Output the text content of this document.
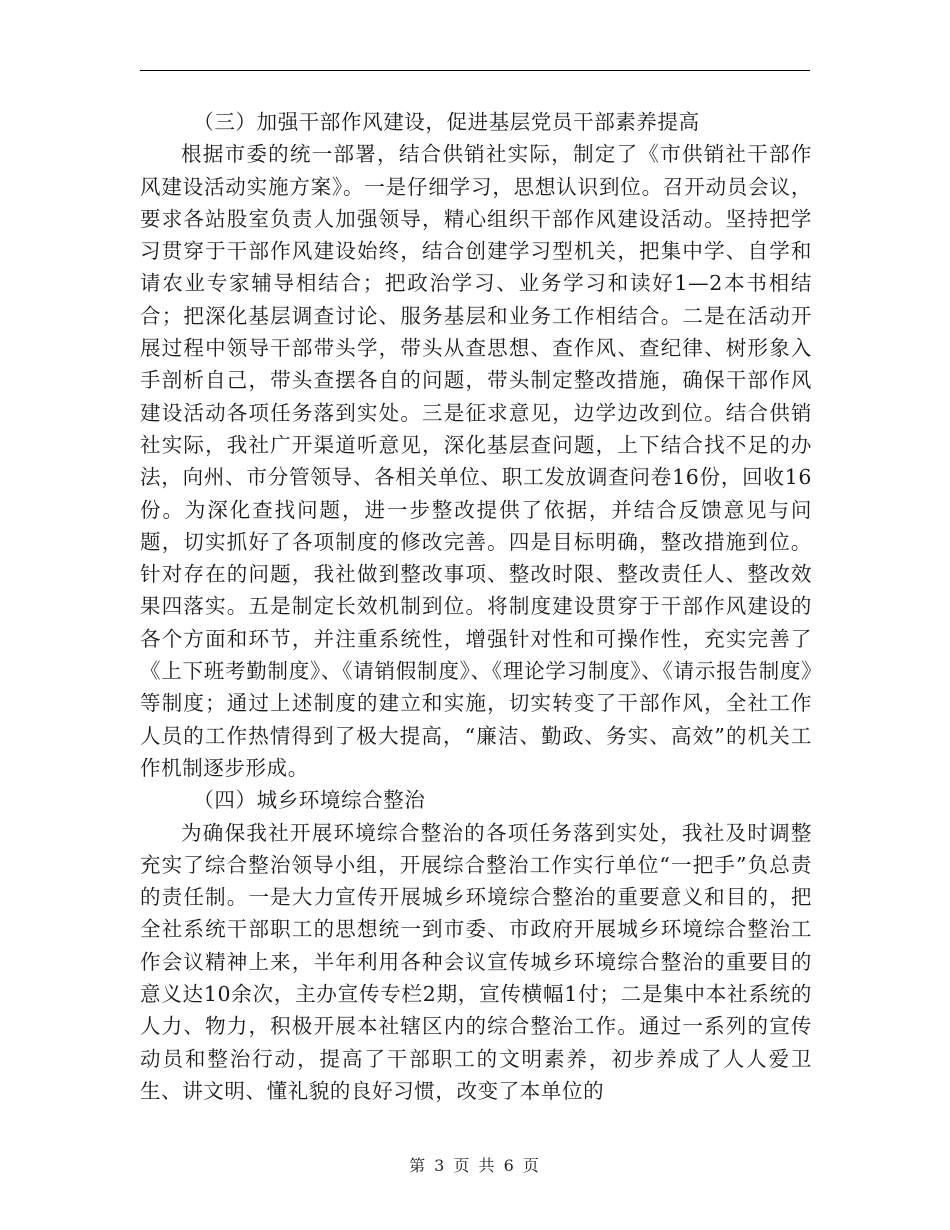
（三）加强干部作风建设，促进基层党员干部素养提高

根据市委的统一部署，结合供销社实际，制定了《市供销社干部作风建设活动实施方案》。一是仔细学习，思想认识到位。召开动员会议，要求各站股室负责人加强领导，精心组织干部作风建设活动。坚持把学习贯穿于干部作风建设始终，结合创建学习型机关，把集中学、自学和请农业专家辅导相结合；把政治学习、业务学习和读好1—2本书相结合；把深化基层调查讨论、服务基层和业务工作相结合。二是在活动开展过程中领导干部带头学，带头从查思想、查作风、查纪律、树形象入手剖析自己，带头查摆各自的问题，带头制定整改措施，确保干部作风建设活动各项任务落到实处。三是征求意见，边学边改到位。结合供销社实际，我社广开渠道听意见，深化基层查问题，上下结合找不足的办法，向州、市分管领导、各相关单位、职工发放调查问卷16份，回收16份。为深化查找问题，进一步整改提供了依据，并结合反馈意见与问题，切实抓好了各项制度的修改完善。四是目标明确，整改措施到位。针对存在的问题，我社做到整改事项、整改时限、整改责任人、整改效果四落实。五是制定长效机制到位。将制度建设贯穿于干部作风建设的各个方面和环节，并注重系统性，增强针对性和可操作性，充实完善了《上下班考勤制度》、《请销假制度》、《理论学习制度》、《请示报告制度》等制度；通过上述制度的建立和实施，切实转变了干部作风，全社工作人员的工作热情得到了极大提高，“廉洁、勤政、务实、高效”的机关工作机制逐步形成。

（四）城乡环境综合整治

为确保我社开展环境综合整治的各项任务落到实处，我社及时调整充实了综合整治领导小组，开展综合整治工作实行单位“一把手”负总责的责任制。一是大力宣传开展城乡环境综合整治的重要意义和目的，把全社系统干部职工的思想统一到市委、市政府开展城乡环境综合整治工作会议精神上来，半年利用各种会议宣传城乡环境综合整治的重要目的意义达10余次，主办宣传专栏2期，宣传横幅1付；二是集中本社系统的人力、物力，积极开展本社辖区内的综合整治工作。通过一系列的宣传动员和整治行动，提高了干部职工的文明素养，初步养成了人人爱卫生、讲文明、懂礼貌的良好习惯，改变了本单位的

第 3 页 共 6 页
